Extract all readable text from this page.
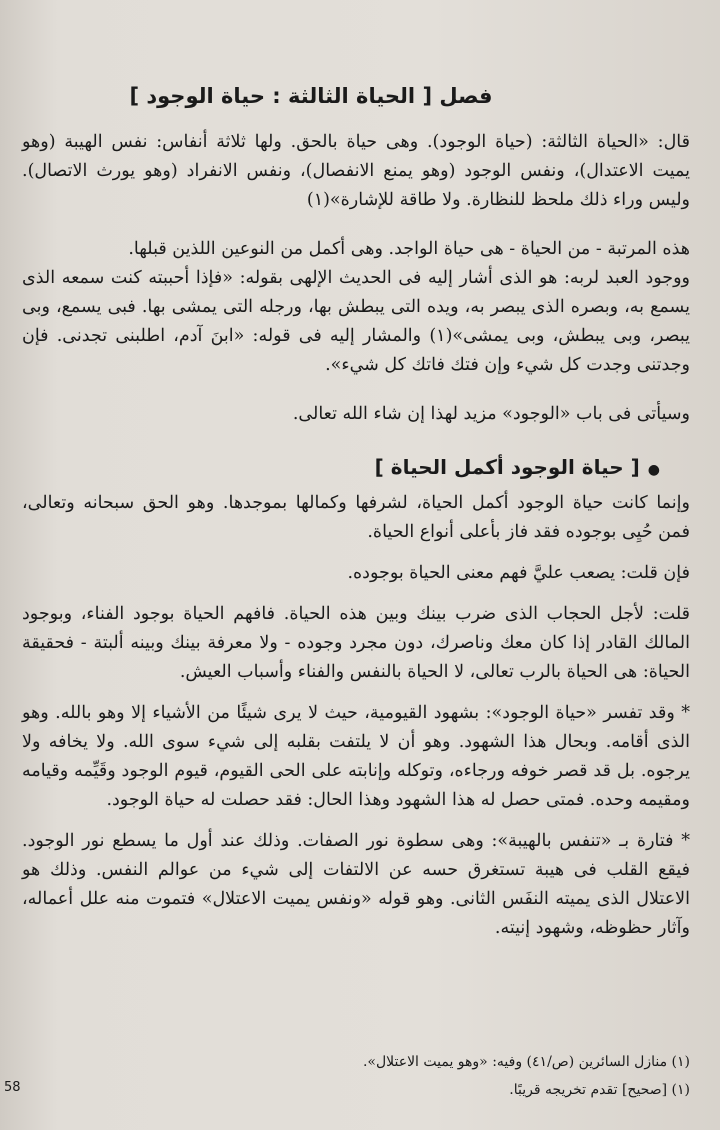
فصل [ الحياة الثالثة : حياة الوجود ]

قال: «الحياة الثالثة: (حياة الوجود). وهى حياة بالحق. ولها ثلاثة أنفاس: نفس الهيبة (وهو يميت الاعتدال)، ونفس الوجود (وهو يمنع الانفصال)، ونفس الانفراد (وهو يورث الاتصال). وليس وراء ذلك ملحظ للنظارة. ولا طاقة للإشارة»(١)

هذه المرتبة - من الحياة - هى حياة الواجد. وهى أكمل من النوعين اللذين قبلها.

ووجود العبد لربه: هو الذى أشار إليه فى الحديث الإلهى بقوله: «فإذا أحببته كنت سمعه الذى يسمع به، وبصره الذى يبصر به، ويده التى يبطش بها، ورجله التى يمشى بها. فبى يسمع، وبى يبصر، وبى يبطش، وبى يمشى»(١) والمشار إليه فى قوله: «ابنَ آدم، اطلبنى تجدنى. فإن وجدتنى وجدت كل شيء وإن فتك فاتك كل شيء».

وسيأتى فى باب «الوجود» مزيد لهذا إن شاء الله تعالى.

●[ حياة الوجود أكمل الحياة ]

وإنما كانت حياة الوجود أكمل الحياة، لشرفها وكمالها بموجدها. وهو الحق سبحانه وتعالى، فمن حُيِى بوجوده فقد فاز بأعلى أنواع الحياة.

فإن قلت: يصعب عليَّ فهم معنى الحياة بوجوده.

قلت: لأجل الحجاب الذى ضرب بينك وبين هذه الحياة. فافهم الحياة بوجود الفناء، وبوجود المالك القادر إذا كان معك وناصرك، دون مجرد وجوده - ولا معرفة بينك وبينه ألبتة - فحقيقة الحياة: هى الحياة بالرب تعالى، لا الحياة بالنفس والفناء وأسباب العيش.

* وقد تفسر «حياة الوجود»: بشهود القيومية، حيث لا يرى شيئًا من الأشياء إلا وهو بالله. وهو الذى أقامه. وبحال هذا الشهود. وهو أن لا يلتفت بقلبه إلى شيء سوى الله. ولا يخافه ولا يرجوه. بل قد قصر خوفه ورجاءه، وتوكله وإنابته على الحى القيوم، قيوم الوجود وقَيِّمه وقيامه ومقيمه وحده. فمتى حصل له هذا الشهود وهذا الحال: فقد حصلت له حياة الوجود.

* فتارة بـ «تنفس بالهيبة»: وهى سطوة نور الصفات. وذلك عند أول ما يسطع نور الوجود. فيقع القلب فى هيبة تستغرق حسه عن الالتفات إلى شيء من عوالم النفس. وذلك هو الاعتلال الذى يميته النفَس الثانى. وهو قوله «ونفس يميت الاعتلال» فتموت منه علل أعماله، وآثار حظوظه، وشهود إنيته.

(١) منازل السائرين (ص/٤١) وفيه: «وهو يميت الاعتلال».
(١) [صحيح] تقدم تخريجه قريبًا.
58
